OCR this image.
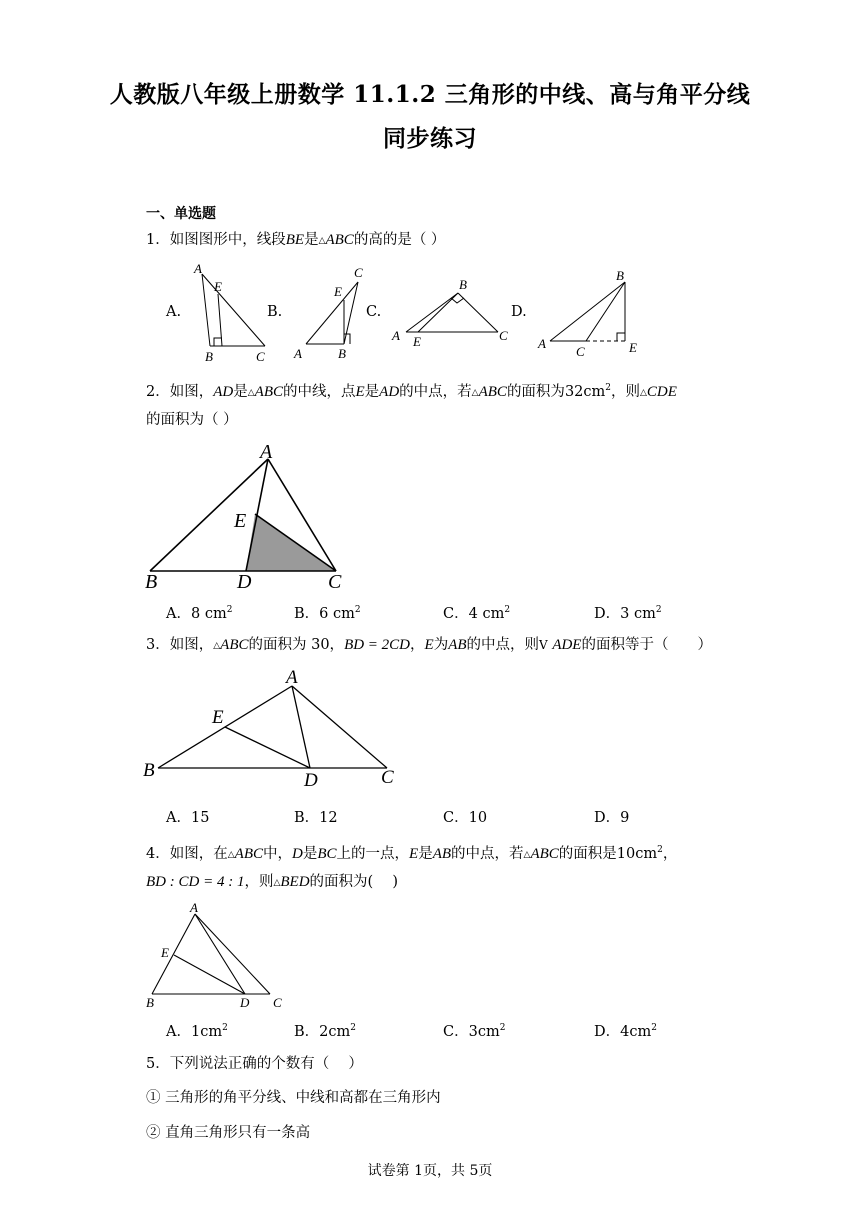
人教版八年级上册数学 11.1.2 三角形的中线、高与角平分线
同步练习
一、单选题
1．如图图形中，线段BE是△ABC的高的是（ ）
A.	B.	C.	D.
A
E
B	C
C
E
A	B
B
A E	C
B
A
C	E
A
E
B	D	C
A
E
B	D	C
A
E
B	D C
2．如图，AD是△ABC的中线，点E是AD的中点，若△ABC的面积为$32cm^2$，则△CDE
的面积为（ ）
A．8 $cm^2$	B．6 $cm^2$	C．4 $cm^2$	D．3 $cm^2$
3．如图，△ABC的面积为 30，BD = 2CD，E为AB的中点，则V ADE的面积等于（　　）
A．15	B．12	C．10	D．9
4．如图，在△ABC中，D是BC上的一点，E是AB的中点，若△ABC的面积是$10cm^2$，
BD : CD = 4 : 1，则△BED的面积为(　 )
A．$1cm^2$	B．$2cm^2$	C．$3cm^2$	D．$4cm^2$
5．下列说法正确的个数有（　 ）
① 三角形的角平分线、中线和高都在三角形内
② 直角三角形只有一条高
试卷第 1页，共 5页
